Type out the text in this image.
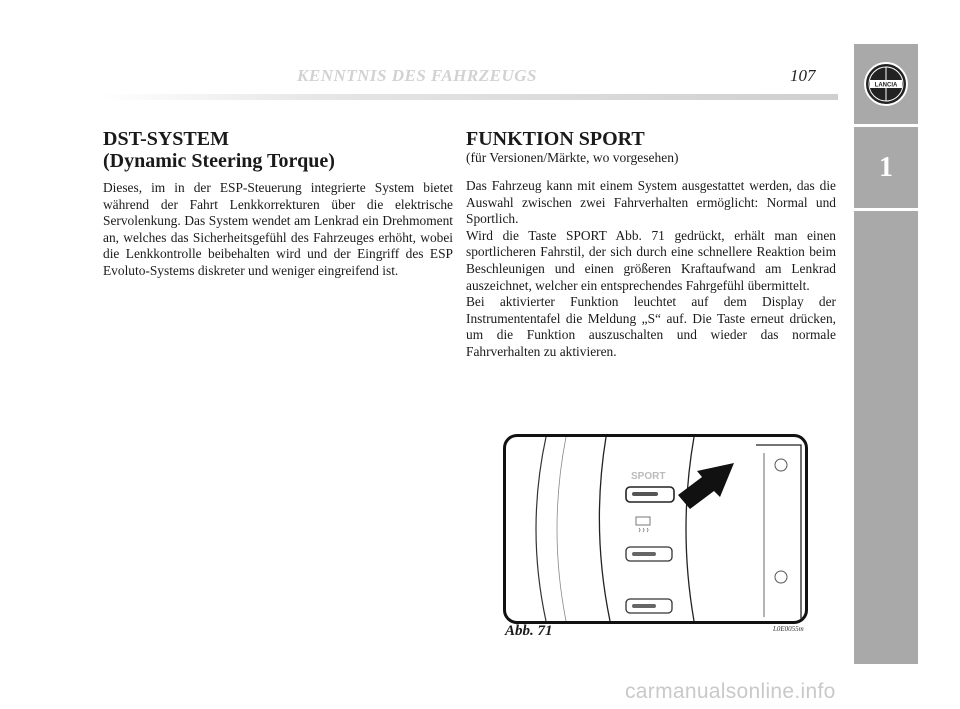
KENNTNIS DES FAHRZEUGS	107
LANCIA
1
DST-SYSTEM
(Dynamic Steering Torque)
Dieses, im in der ESP-Steuerung integrierte System bietet während der Fahrt Lenkkorrekturen über die elektrische Servolenkung. Das System wendet am Lenkrad ein Drehmoment an, welches das Sicherheitsgefühl des Fahrzeuges erhöht, wobei die Lenkkontrolle beibehalten wird und der Eingriff des ESP Evoluto-Systems diskreter und weniger eingreifend ist.
FUNKTION SPORT
(für Versionen/Märkte, wo vorgesehen)

Das Fahrzeug kann mit einem System ausgestattet werden, das die Auswahl zwischen zwei Fahrverhalten ermöglicht: Normal und Sportlich.

Wird die Taste SPORT Abb. 71 gedrückt, erhält man einen sportlicheren Fahrstil, der sich durch eine schnellere Reaktion beim Beschleunigen und einen größeren Kraftaufwand am Lenkrad auszeichnet, welcher ein entsprechendes Fahrgefühl übermittelt.

Bei aktivierter Funktion leuchtet auf dem Display der Instrumententafel die Meldung „S“ auf. Die Taste erneut drücken, um die Funktion auszuschalten und wieder das normale Fahrverhalten zu aktivieren.

SPORT
Abb. 71	L0E0055m
carmanualsonline.info
